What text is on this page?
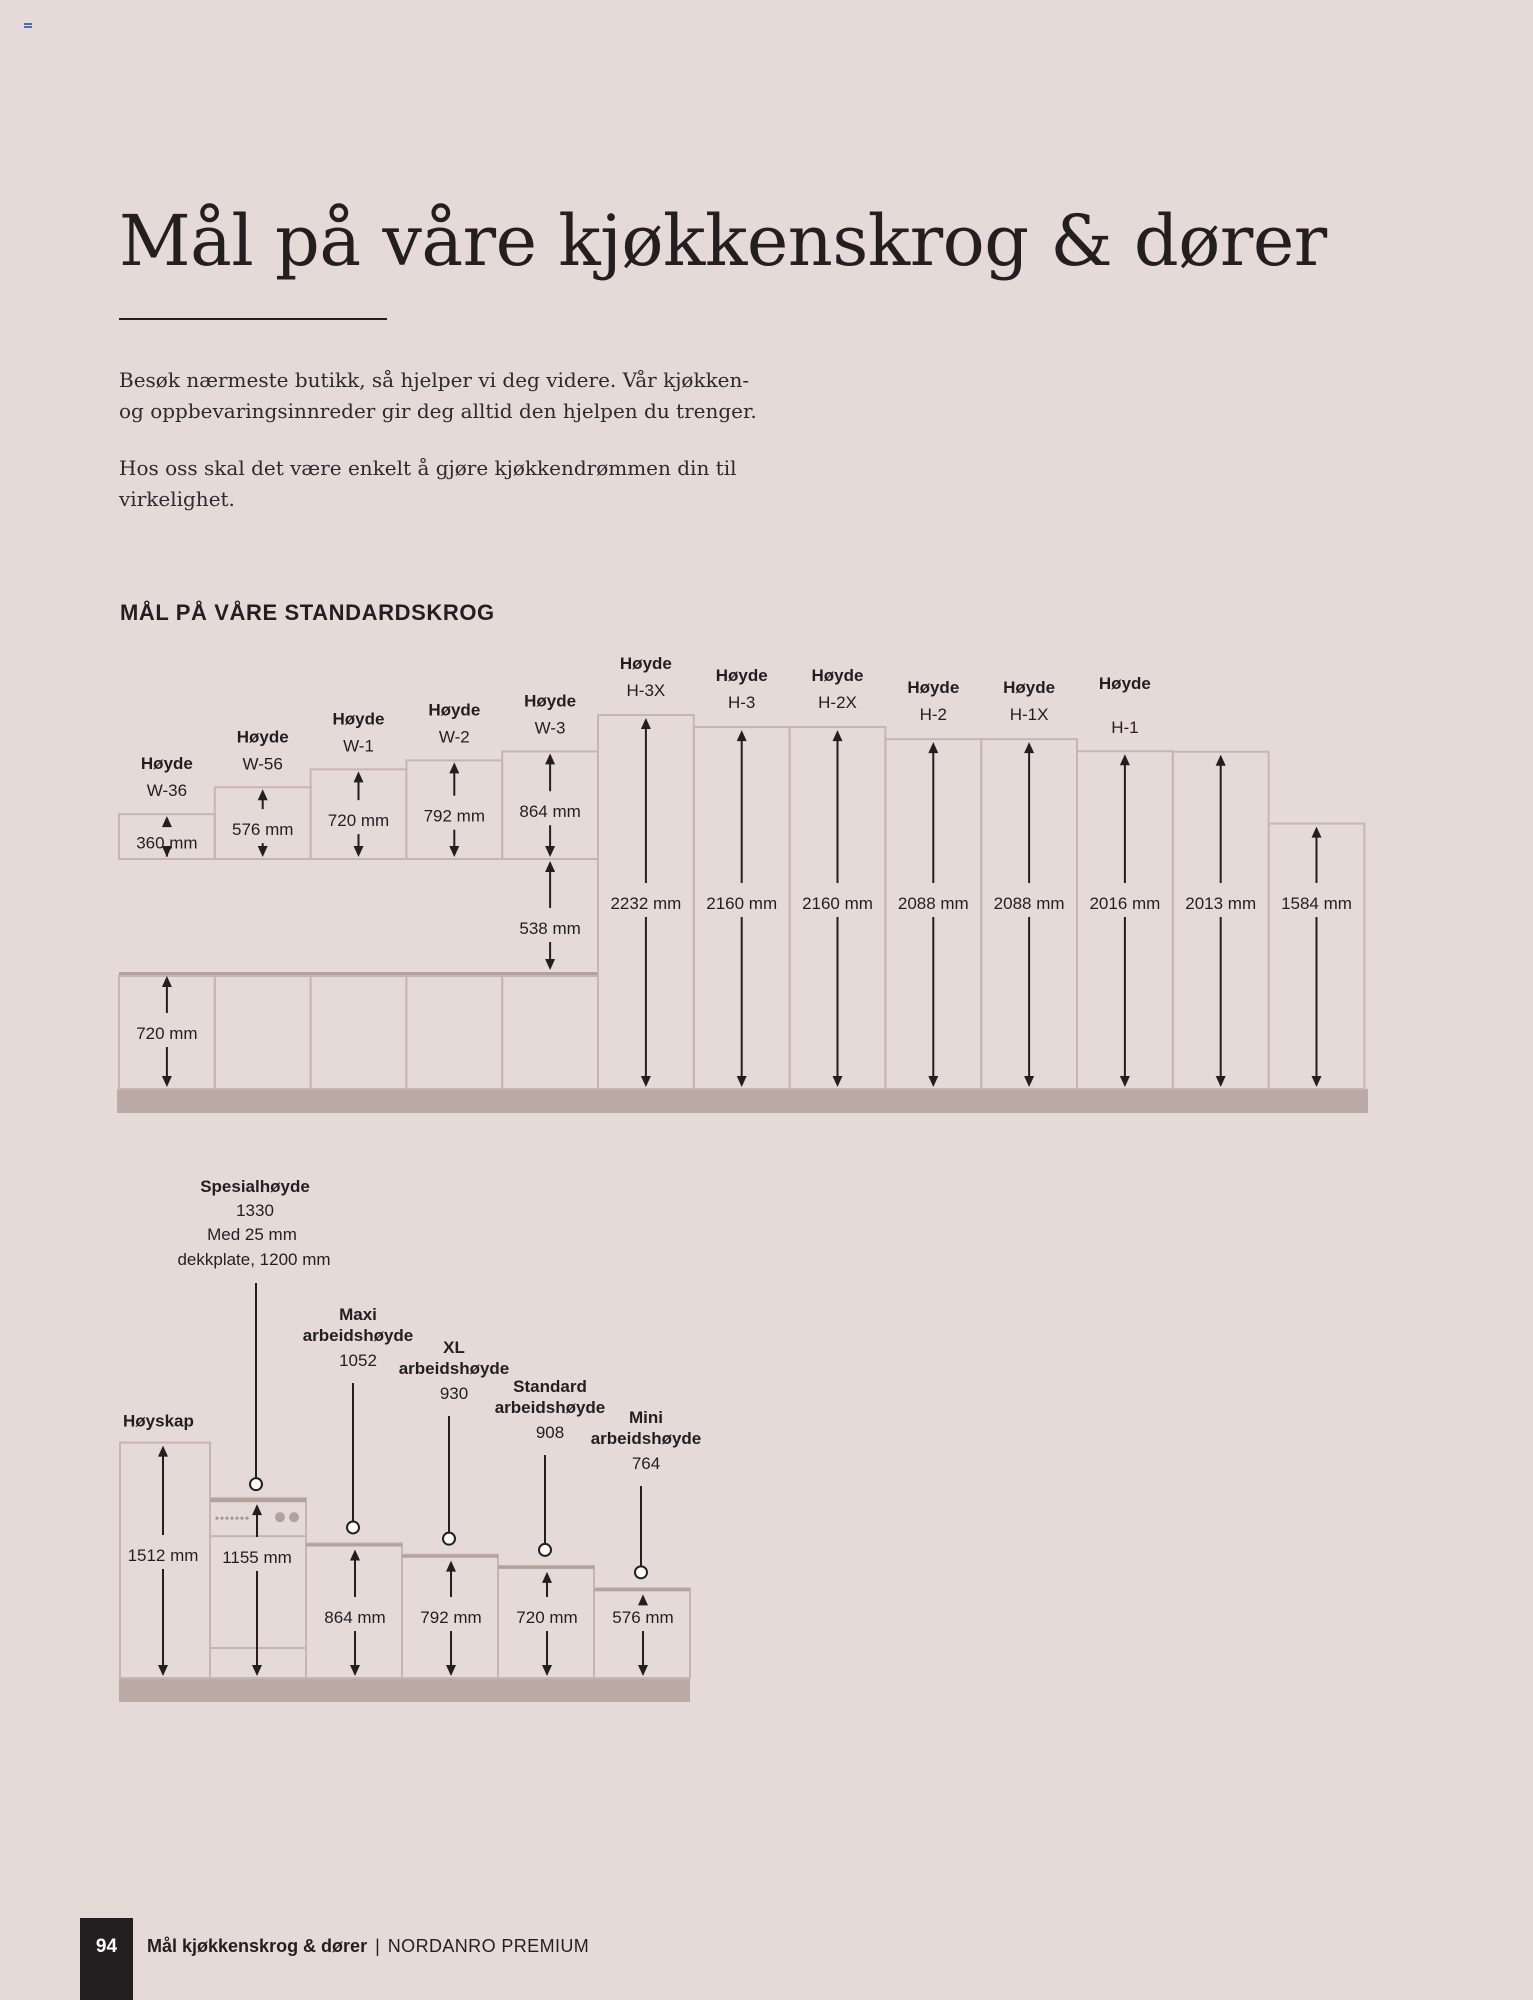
Mål på våre kjøkkenskrog & dører

Besøk nærmeste butikk, så hjelper vi deg videre. Vår kjøkken- og oppbevaringsinnreder gir deg alltid den hjelpen du trenger.

Hos oss skal det være enkelt å gjøre kjøkkendrømmen din til virkelighet.

MÅL PÅ VÅRE STANDARDSKROG
360 mm
Høyde
W-36
576 mm
Høyde
W-56
720 mm
Høyde
W-1
792 mm
Høyde
W-2
864 mm
Høyde
W-3
538 mm
720 mm
2232 mm
Høyde
H-3X
2160 mm
Høyde
H-3
2160 mm
Høyde
H-2X
2088 mm
Høyde
H-2
2088 mm
Høyde
H-1X
2016 mm
Høyde
H-1
2013 mm 1584 mm
Høyskap
1512 mm 1155 mm
Spesialhøyde
1330
Med 25 mm
dekkplate, 1200 mm
864 mm
Maxi
arbeidshøyde
1052
792 mm
XL
arbeidshøyde
930
720 mm
Standard
arbeidshøyde
908
576 mm
Mini
arbeidshøyde
764
94	Mål kjøkkenskrog & dører | NORDANRO PREMIUM
